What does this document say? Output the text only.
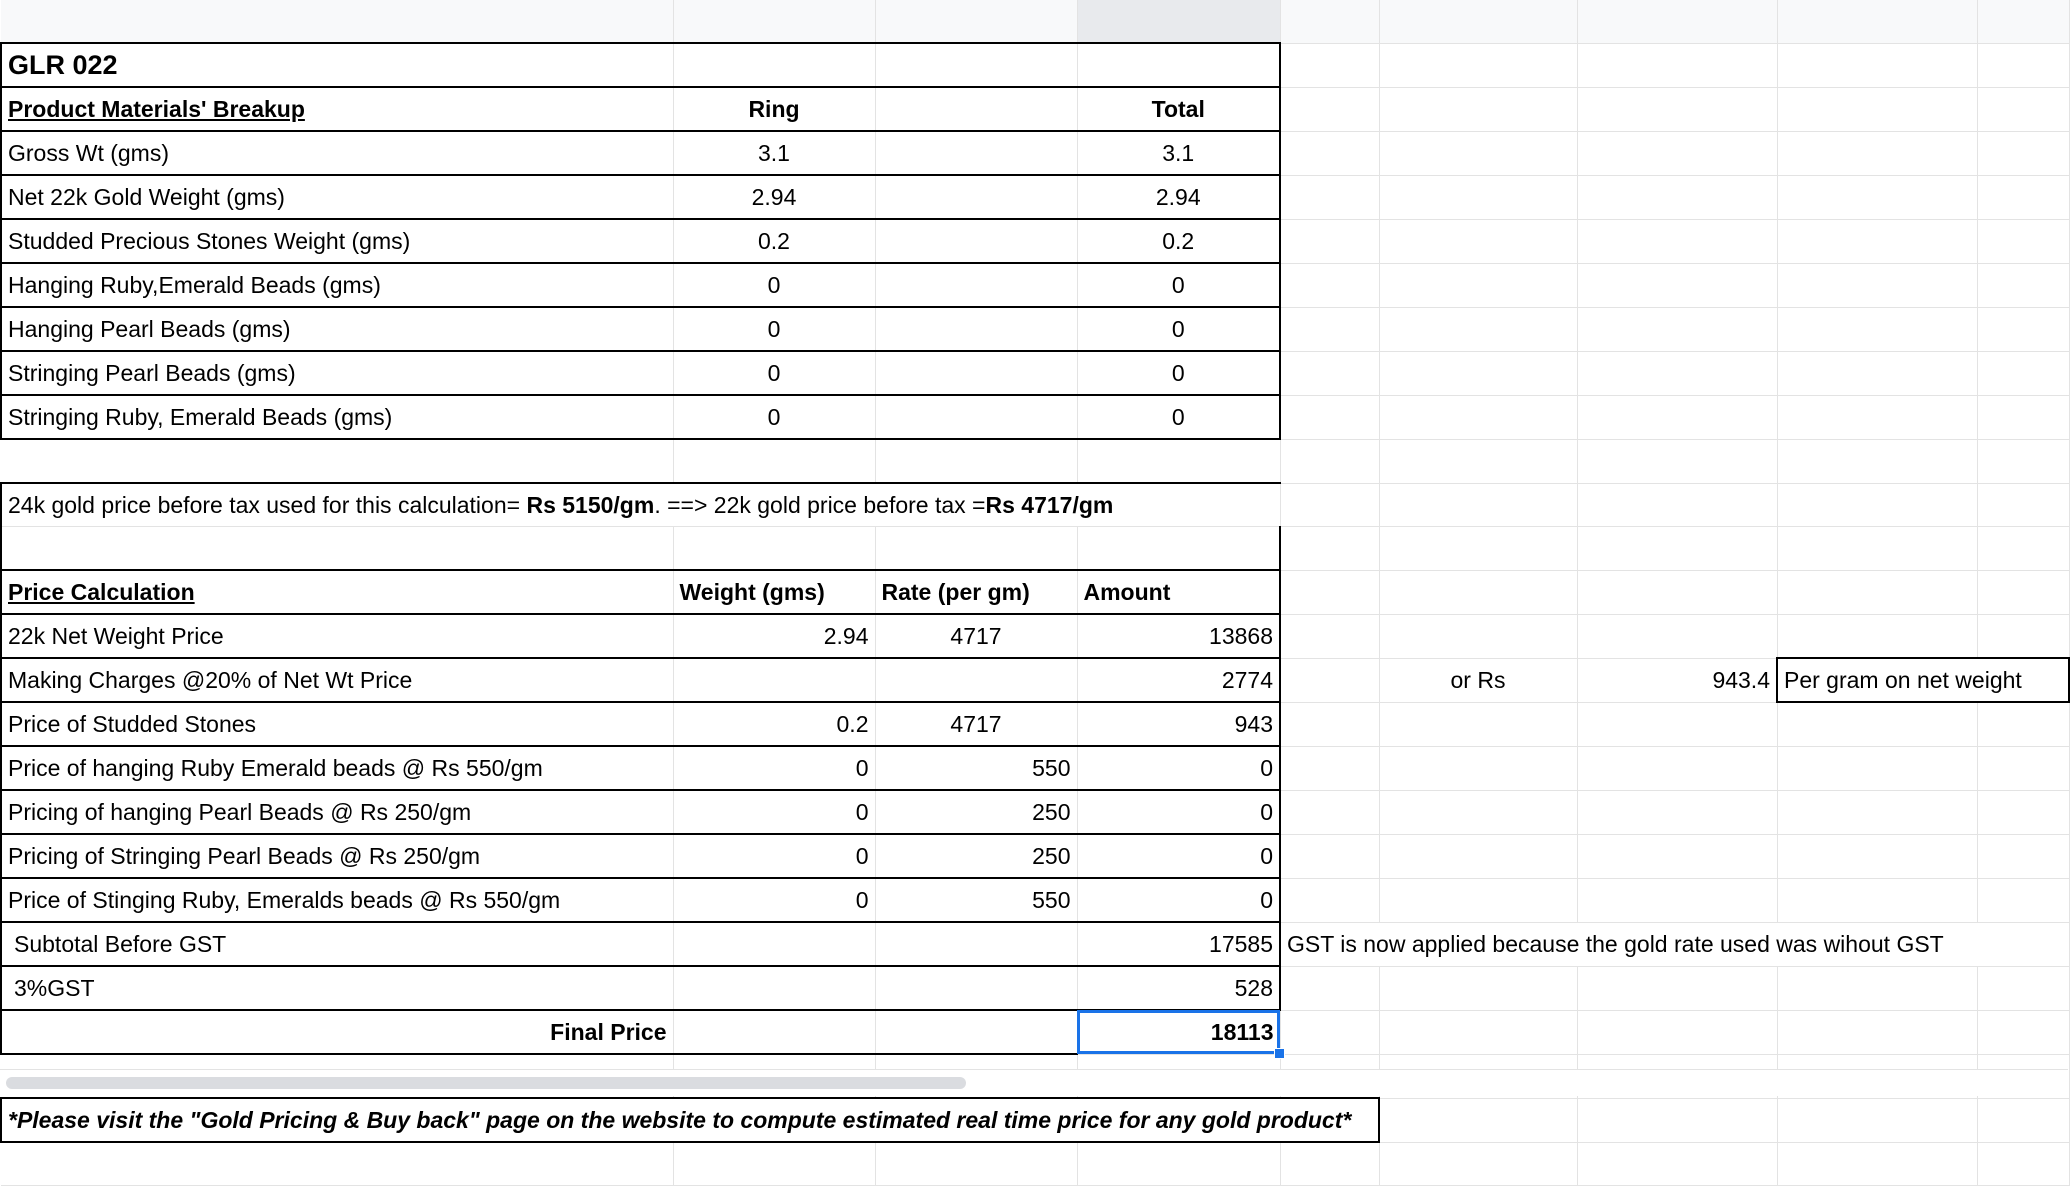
GLR 022								
Product Materials' Breakup	Ring		Total					
Gross Wt (gms)	3.1		3.1					
Net 22k Gold Weight (gms)	2.94		2.94					
Studded Precious Stones Weight (gms)	0.2		0.2					
Hanging Ruby,Emerald Beads (gms)	0		0					
Hanging Pearl Beads (gms)	0		0					
Stringing Pearl Beads (gms)	0		0					
Stringing Ruby, Emerald Beads (gms)	0		0					

24k gold price before tax used for this calculation= Rs 5150/gm. ==> 22k gold price before tax =Rs 4717/gm								

Price Calculation	Weight (gms)	Rate (per gm)	Amount					
22k Net Weight Price	2.94	4717	13868					
Making Charges @20% of Net Wt Price			2774		or Rs	943.4	Per gram on net weight	
Price of Studded Stones	0.2	4717	943					
Price of hanging Ruby Emerald beads @ Rs 550/gm	0	550	0					
Pricing of hanging Pearl Beads @ Rs 250/gm	0	250	0					
Pricing of Stringing Pearl Beads @ Rs 250/gm	0	250	0					
Price of Stinging Ruby, Emeralds beads @ Rs 550/gm	0	550	0					
Subtotal Before GST			17585	GST is now applied because the gold rate used was wihout GST				
3%GST			528					
Final Price			18113					

*Please visit the "Gold Pricing & Buy back" page on the website to compute estimated real time price for any gold product*								
